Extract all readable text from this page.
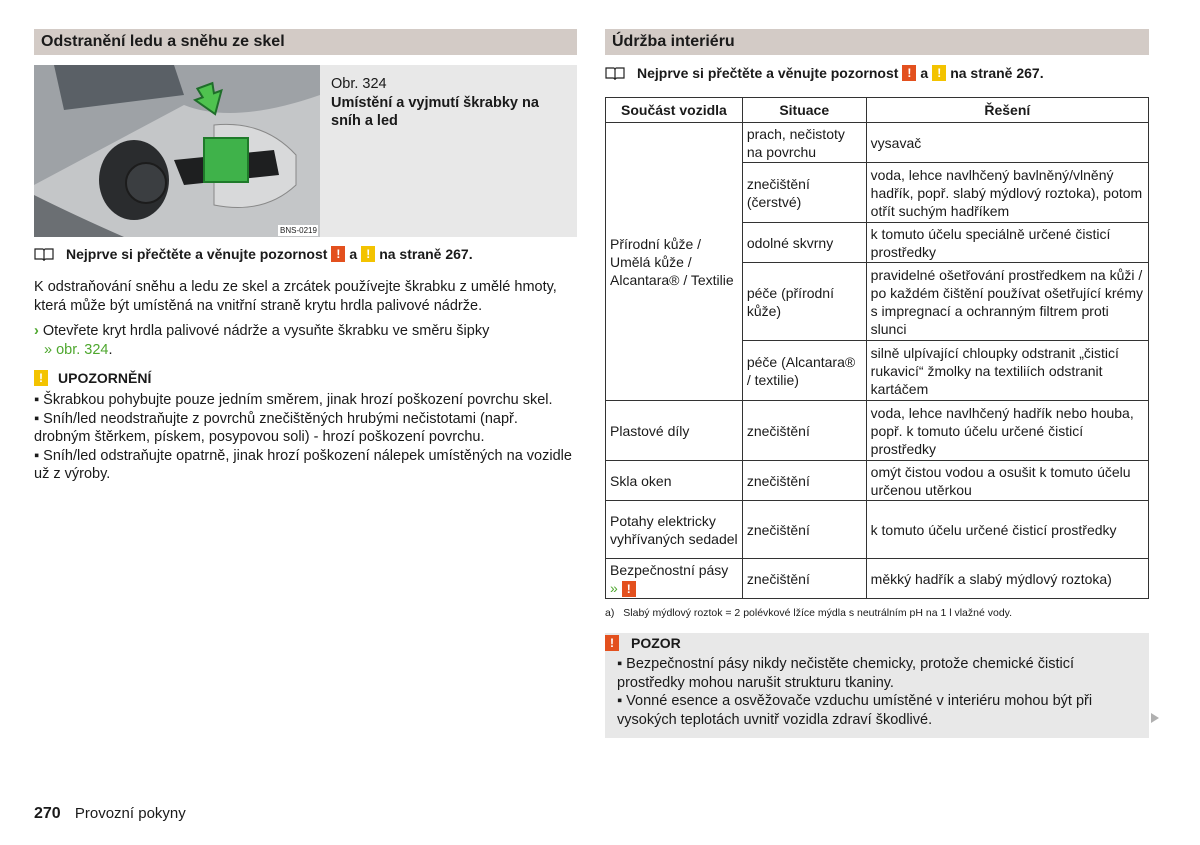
Odstranění ledu a sněhu ze skel
BNS-0219
Obr. 324
Umístění a vyjmutí škrabky na sníh a led
Nejprve si přečtěte a věnujte pozornost ! a ! na straně 267.
K odstraňování sněhu a ledu ze skel a zrcátek používejte škrabku z umělé hmoty, která může být umístěná na vnitřní straně krytu hrdla palivové nádrže.
› Otevřete kryt hrdla palivové nádrže a vysuňte škrabku ve směru šipky
» obr. 324.
!	UPOZORNĚNÍ
▪ Škrabkou pohybujte pouze jedním směrem, jinak hrozí poškození povrchu skel.
▪ Sníh/led neodstraňujte z povrchů znečištěných hrubými nečistotami (např. drobným štěrkem, pískem, posypovou soli) - hrozí poškození povrchu.
▪ Sníh/led odstraňujte opatrně, jinak hrozí poškození nálepek umístěných na vozidle už z výroby.
Údržba interiéru
Nejprve si přečtěte a věnujte pozornost ! a ! na straně 267.
Součást vozidla	Situace	Řešení
Přírodní kůže / Umělá kůže / Alcantara® / Textilie	prach, nečistoty na povrchu	vysavač
	znečištění (čerstvé)	voda, lehce navlhčený bavlněný/vlněný hadřík, popř. slabý mýdlový roztoka), potom otřít suchým hadříkem
	odolné skvrny	k tomuto účelu speciálně určené čisticí prostředky
	péče (přírodní kůže)	pravidelné ošetřování prostředkem na kůži / po každém čištění používat ošetřující krémy s impregnací a ochranným filtrem proti slunci
	péče (Alcantara® / textilie)	silně ulpívající chloupky odstranit „čisticí rukavicí“ žmolky na textiliích odstranit kartáčem
Plastové díly	znečištění	voda, lehce navlhčený hadřík nebo houba, popř. k tomuto účelu určené čisticí prostředky
Skla oken	znečištění	omýt čistou vodou a osušit k tomuto účelu určenou utěrkou
Potahy elektricky vyhřívaných sedadel	znečištění	k tomuto účelu určené čisticí prostředky
Bezpečnostní pásy » !	znečištění	měkký hadřík a slabý mýdlový roztoka)
a) Slabý mýdlový roztok = 2 polévkové lžíce mýdla s neutrálním pH na 1 l vlažné vody.
!	POZOR
▪ Bezpečnostní pásy nikdy nečistěte chemicky, protože chemické čisticí prostředky mohou narušit strukturu tkaniny.
▪ Vonné esence a osvěžovače vzduchu umístěné v interiéru mohou být při vysokých teplotách uvnitř vozidla zdraví škodlivé.
270 Provozní pokyny
